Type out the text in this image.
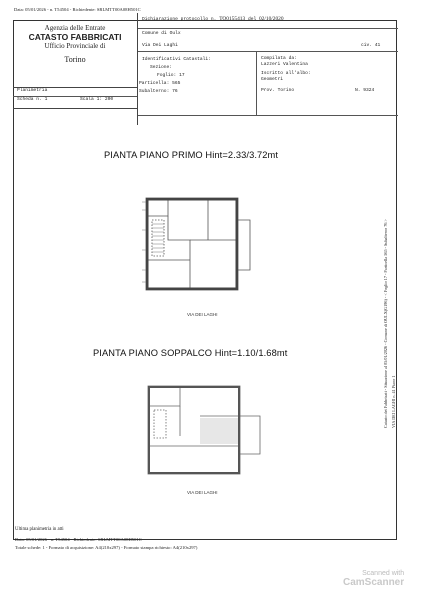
Data: 05/01/2026 - n. T54504 - Richiedente: SRLMTT00A08H501C
Agenzia delle Entrate
CATASTO FABBRICATI
Ufficio Provinciale di
Torino
Dichiarazione protocollo n. TO0155413 del 02/10/2020
Comune di Oulx
Via Dei Laghi	civ. 41
Identificativi Catastali:
Sezione:
Foglio: 17
Particella: 565
Subalterno: 76
Compilata da:
Lazzeri Valentina
Iscritto all'albo:
Geometri
Prov. Torino	N. 9324
Planimetria
Scheda n. 1	Scala 1: 200
PIANTA PIANO PRIMO Hint=2.33/3.72mt
VIA DEI LAGHI
PIANTA PIANO SOPPALCO Hint=1.10/1.68mt
VIA DEI LAGHI
Ultima planimetria in atti
Data: 05/01/2026 - n. T54504 - Richiedente: SRLMTT00A08H501C
Totale schede: 1 - Formato di acquisizione: A4(210x297) - Formato stampa richiesto: A4(210x297)
Catasto dei Fabbricati - Situazione al 05/01/2026 - Comune di OULX(G196) - < Foglio 17 - Particella 565 - Subalterno 76 > VIA DEI LAGHI n. 41 Piano 1
Scanned with
CamScanner
